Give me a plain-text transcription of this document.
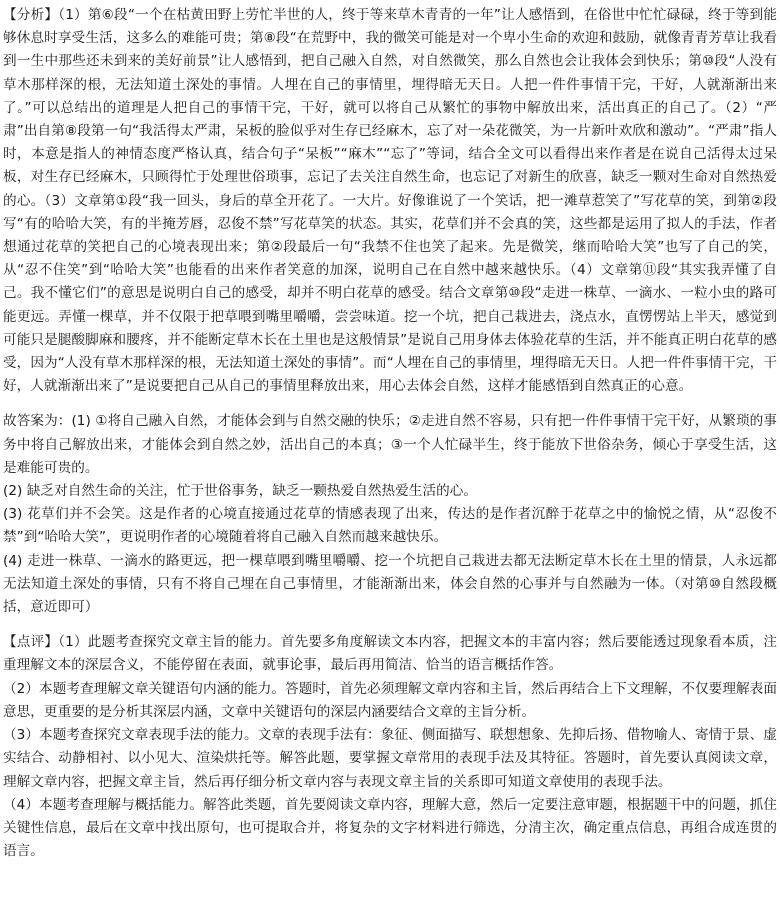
【分析】（1）第⑥段“一个在枯黄田野上劳忙半世的人，终于等来草木青青的一年”让人感悟到，在俗世中忙忙碌碌，终于等到能够休息时享受生活，这多么的难能可贵；第⑧段“在荒野中，我的微笑可能是对一个卑小生命的欢迎和鼓励，就像青青芳草让我看到一生中那些还未到来的美好前景”让人感悟到，把自己融入自然，对自然微笑，那么自然也会让我体会到快乐；第⑩段“人没有草木那样深的根，无法知道土深处的事情。人埋在自己的事情里，埋得暗无天日。人把一件件事情干完，干好，人就渐渐出来了。”可以总结出的道理是人把自己的事情干完，干好，就可以将自己从繁忙的事物中解放出来，活出真正的自己了。（2）“严肃”出自第⑧段第一句“我活得太严肃，呆板的脸似乎对生存已经麻木，忘了对一朵花微笑，为一片新叶欢欣和激动”。“严肃”指人时，本意是指人的神情态度严格认真，结合句子“呆板”“麻木”“忘了”等词，结合全文可以看得出来作者是在说自己活得太过呆板，对生存已经麻木，只顾得忙于处理世俗琐事，忘记了去关注自然生命，也忘记了对新生的欣喜，缺乏一颗对生命对自然热爱的心。（3）文章第①段“我一回头，身后的草全开花了。一大片。好像谁说了一个笑话，把一滩草惹笑了”写花草的笑，到第②段写“有的哈哈大笑，有的半掩芳唇，忍俊不禁”写花草笑的状态。其实，花草们并不会真的笑，这些都是运用了拟人的手法，作者想通过花草的笑把自己的心境表现出来；第②段最后一句“我禁不住也笑了起来。先是微笑，继而哈哈大笑”也写了自己的笑，从“忍不住笑”到“哈哈大笑”也能看的出来作者笑意的加深，说明自己在自然中越来越快乐。（4）文章第⑪段“其实我弄懂了自己。我不懂它们”的意思是说明白自己的感受，却并不明白花草的感受。结合文章第⑩段“走进一株草、一滴水、一粒小虫的路可能更远。弄懂一棵草，并不仅限于把草喂到嘴里嚼嚼，尝尝味道。挖一个坑，把自己栽进去，浇点水，直愣愣站上半天，感觉到可能只是腿酸脚麻和腰疼，并不能断定草木长在土里也是这般情景”是说自己用身体去体验花草的生活，并不能真正明白花草的感受，因为“人没有草木那样深的根，无法知道土深处的事情”。而“人埋在自己的事情里，埋得暗无天日。人把一件件事情干完，干好，人就渐渐出来了”是说要把自己从自己的事情里释放出来，用心去体会自然，这样才能感悟到自然真正的心意。

故答案为：(1) ①将自己融入自然，才能体会到与自然交融的快乐；②走进自然不容易，只有把一件件事情干完干好，从繁琐的事务中将自己解放出来，才能体会到自然之妙，活出自己的本真；③一个人忙碌半生，终于能放下世俗杂务，倾心于享受生活，这是难能可贵的。

(2) 缺乏对自然生命的关注，忙于世俗事务，缺乏一颗热爱自然热爱生活的心。

(3) 花草们并不会笑。这是作者的心境直接通过花草的情感表现了出来，传达的是作者沉醉于花草之中的愉悦之情，从“忍俊不禁”到“哈哈大笑”，更说明作者的心境随着将自己融入自然而越来越快乐。

(4) 走进一株草、一滴水的路更远，把一棵草喂到嘴里嚼嚼、挖一个坑把自己栽进去都无法断定草木长在土里的情景，人永远都无法知道土深处的事情，只有不将自己埋在自己事情里，才能渐渐出来，体会自然的心事并与自然融为一体。（对第⑩自然段概括，意近即可）

【点评】（1）此题考查探究文章主旨的能力。首先要多角度解读文本内容，把握文本的丰富内容；然后要能透过现象看本质，注重理解文本的深层含义，不能停留在表面，就事论事，最后再用简洁、恰当的语言概括作答。

（2）本题考查理解文章关键语句内涵的能力。答题时，首先必须理解文章内容和主旨，然后再结合上下文理解，不仅要理解表面意思，更重要的是分析其深层内涵，文章中关键语句的深层内涵要结合文章的主旨分析。

（3）本题考查探究文章表现手法的能力。文章的表现手法有：象征、侧面描写、联想想象、先抑后扬、借物喻人、寄情于景、虚实结合、动静相衬、以小见大、渲染烘托等。解答此题，要掌握文章常用的表现手法及其特征。答题时，首先要认真阅读文章，理解文章内容，把握文章主旨，然后再仔细分析文章内容与表现文章主旨的关系即可知道文章使用的表现手法。

（4）本题考查理解与概括能力。解答此类题，首先要阅读文章内容，理解大意，然后一定要注意审题，根据题干中的问题，抓住关键性信息，最后在文章中找出原句，也可提取合并，将复杂的文字材料进行筛选，分清主次，确定重点信息，再组合成连贯的语言。
